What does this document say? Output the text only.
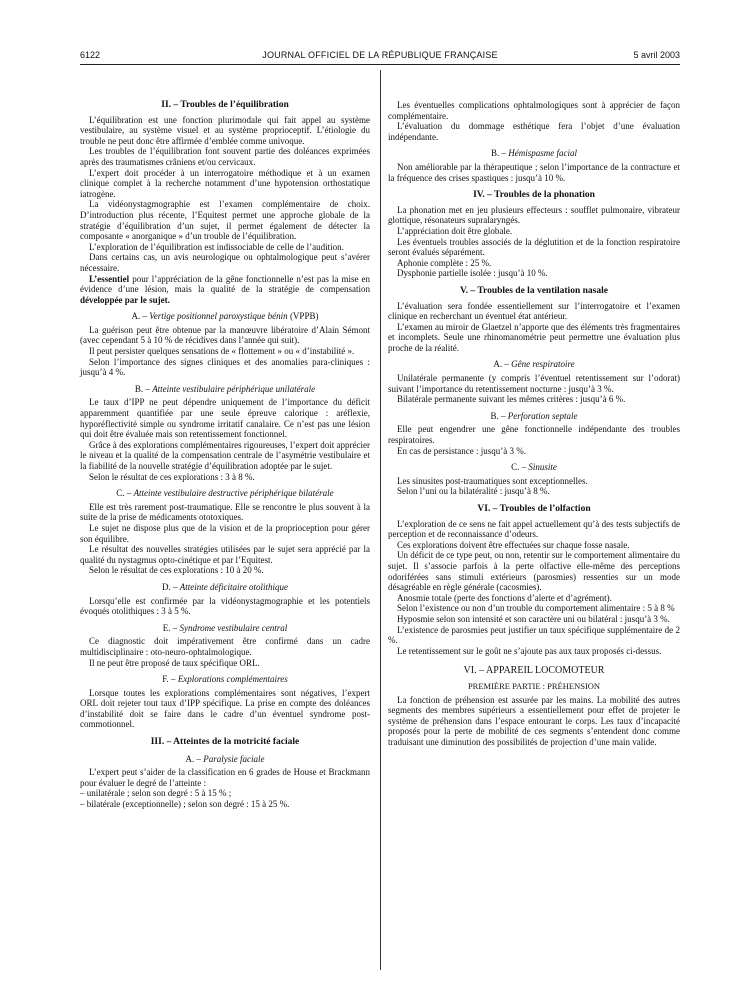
6122	JOURNAL OFFICIEL DE LA RÉPUBLIQUE FRANÇAISE	5 avril 2003
II. – Troubles de l’équilibration

L’équilibration est une fonction plurimodale qui fait appel au système vestibulaire, au système visuel et au système proprioceptif. L’étiologie du trouble ne peut donc être affirmée d’emblée comme univoque.

Les troubles de l’équilibration font souvent partie des doléances exprimées après des traumatismes crâniens et/ou cervicaux.

L’expert doit procéder à un interrogatoire méthodique et à un examen clinique complet à la recherche notamment d’une hypotension orthostatique iatrogène.

La vidéonystagmographie est l’examen complémentaire de choix. D’introduction plus récente, l’Equitest permet une approche globale de la stratégie d’équilibration d’un sujet, il permet également de détecter la composante « anorganique » d’un trouble de l’équilibration.

L’exploration de l’équilibration est indissociable de celle de l’audition.

Dans certains cas, un avis neurologique ou ophtalmologique peut s’avérer nécessaire.

L’essentiel pour l’appréciation de la gêne fonctionnelle n’est pas la mise en évidence d’une lésion, mais la qualité de la stratégie de compensation développée par le sujet.

A. – Vertige positionnel paroxystique bénin (VPPB)

La guérison peut être obtenue par la manœuvre libératoire d’Alain Sémont (avec cependant 5 à 10 % de récidives dans l’année qui suit).

Il peut persister quelques sensations de « flottement » ou « d’instabilité ».

Selon l’importance des signes cliniques et des anomalies para-cliniques : jusqu’à 4 %.

B. – Atteinte vestibulaire périphérique unilatérale

Le taux d’IPP ne peut dépendre uniquement de l’importance du déficit apparemment quantifiée par une seule épreuve calorique : aréflexie, hyporéflectivité simple ou syndrome irritatif canalaire. Ce n’est pas une lésion qui doit être évaluée mais son retentissement fonctionnel.

Grâce à des explorations complémentaires rigoureuses, l’expert doit apprécier le niveau et la qualité de la compensation centrale de l’asymétrie vestibulaire et la fiabilité de la nouvelle stratégie d’équilibration adoptée par le sujet.

Selon le résultat de ces explorations : 3 à 8 %.

C. – Atteinte vestibulaire destructive périphérique bilatérale

Elle est très rarement post-traumatique. Elle se rencontre le plus souvent à la suite de la prise de médicaments ototoxiques.

Le sujet ne dispose plus que de la vision et de la proprioception pour gérer son équilibre.

Le résultat des nouvelles stratégies utilisées par le sujet sera apprécié par la qualité du nystagmus opto-cinétique et par l’Equitest.

Selon le résultat de ces explorations : 10 à 20 %.

D. – Atteinte déficitaire otolithique

Lorsqu’elle est confirmée par la vidéonystagmographie et les potentiels évoqués otolithiques : 3 à 5 %.

E. – Syndrome vestibulaire central

Ce diagnostic doit impérativement être confirmé dans un cadre multidisciplinaire : oto-neuro-ophtalmologique.

Il ne peut être proposé de taux spécifique ORL.

F. – Explorations complémentaires

Lorsque toutes les explorations complémentaires sont négatives, l’expert ORL doit rejeter tout taux d’IPP spécifique. La prise en compte des doléances d’instabilité doit se faire dans le cadre d’un éventuel syndrome post-commotionnel.

III. – Atteintes de la motricité faciale
A. – Paralysie faciale

L’expert peut s’aider de la classification en 6 grades de House et Brackmann pour évaluer le degré de l’atteinte :

– unilatérale ; selon son degré : 5 à 15 % ;
– bilatérale (exceptionnelle) ; selon son degré : 15 à 25 %.

Les éventuelles complications ophtalmologiques sont à apprécier de façon complémentaire.

L’évaluation du dommage esthétique fera l’objet d’une évaluation indépendante.

B. – Hémispasme facial

Non améliorable par la thérapeutique ; selon l’importance de la contracture et la fréquence des crises spastiques : jusqu’à 10 %.

IV. – Troubles de la phonation

La phonation met en jeu plusieurs effecteurs : soufflet pulmonaire, vibrateur glottique, résonateurs supralaryngés.

L’appréciation doit être globale.

Les éventuels troubles associés de la déglutition et de la fonction respiratoire seront évalués séparément.

Aphonie complète : 25 %.

Dysphonie partielle isolée : jusqu’à 10 %.

V. – Troubles de la ventilation nasale

L’évaluation sera fondée essentiellement sur l’interrogatoire et l’examen clinique en recherchant un éventuel état antérieur.

L’examen au miroir de Glaetzel n’apporte que des éléments très fragmentaires et incomplets. Seule une rhinomanométrie peut permettre une évaluation plus proche de la réalité.

A. – Gêne respiratoire

Unilatérale permanente (y compris l’éventuel retentissement sur l’odorat) suivant l’importance du retentissement nocturne : jusqu’à 3 %.

Bilatérale permanente suivant les mêmes critères : jusqu’à 6 %.

B. – Perforation septale

Elle peut engendrer une gêne fonctionnelle indépendante des troubles respiratoires.

En cas de persistance : jusqu’à 3 %.

C. – Sinusite

Les sinusites post-traumatiques sont exceptionnelles.

Selon l’uni ou la bilatéralité : jusqu’à 8 %.

VI. – Troubles de l’olfaction

L’exploration de ce sens ne fait appel actuellement qu’à des tests subjectifs de perception et de reconnaissance d’odeurs.

Ces explorations doivent être effectuées sur chaque fosse nasale.

Un déficit de ce type peut, ou non, retentir sur le comportement alimentaire du sujet. Il s’associe parfois à la perte olfactive elle-même des perceptions odoriférées sans stimuli extérieurs (parosmies) ressenties sur un mode désagréable en règle générale (cacosmies).

Anosmie totale (perte des fonctions d’alerte et d’agrément).

Selon l’existence ou non d’un trouble du comportement alimentaire : 5 à 8 %

Hyposmie selon son intensité et son caractère uni ou bilatéral : jusqu’à 3 %.

L’existence de parosmies peut justifier un taux spécifique supplémentaire de 2 %.

Le retentissement sur le goût ne s’ajoute pas aux taux proposés ci-dessus.

VI. – APPAREIL LOCOMOTEUR
PREMIÈRE PARTIE : PRÉHENSION

La fonction de préhension est assurée par les mains. La mobilité des autres segments des membres supérieurs a essentiellement pour effet de projeter le système de préhension dans l’espace entourant le corps. Les taux d’incapacité proposés pour la perte de mobilité de ces segments s’entendent donc comme traduisant une diminution des possibilités de projection d’une main valide.
